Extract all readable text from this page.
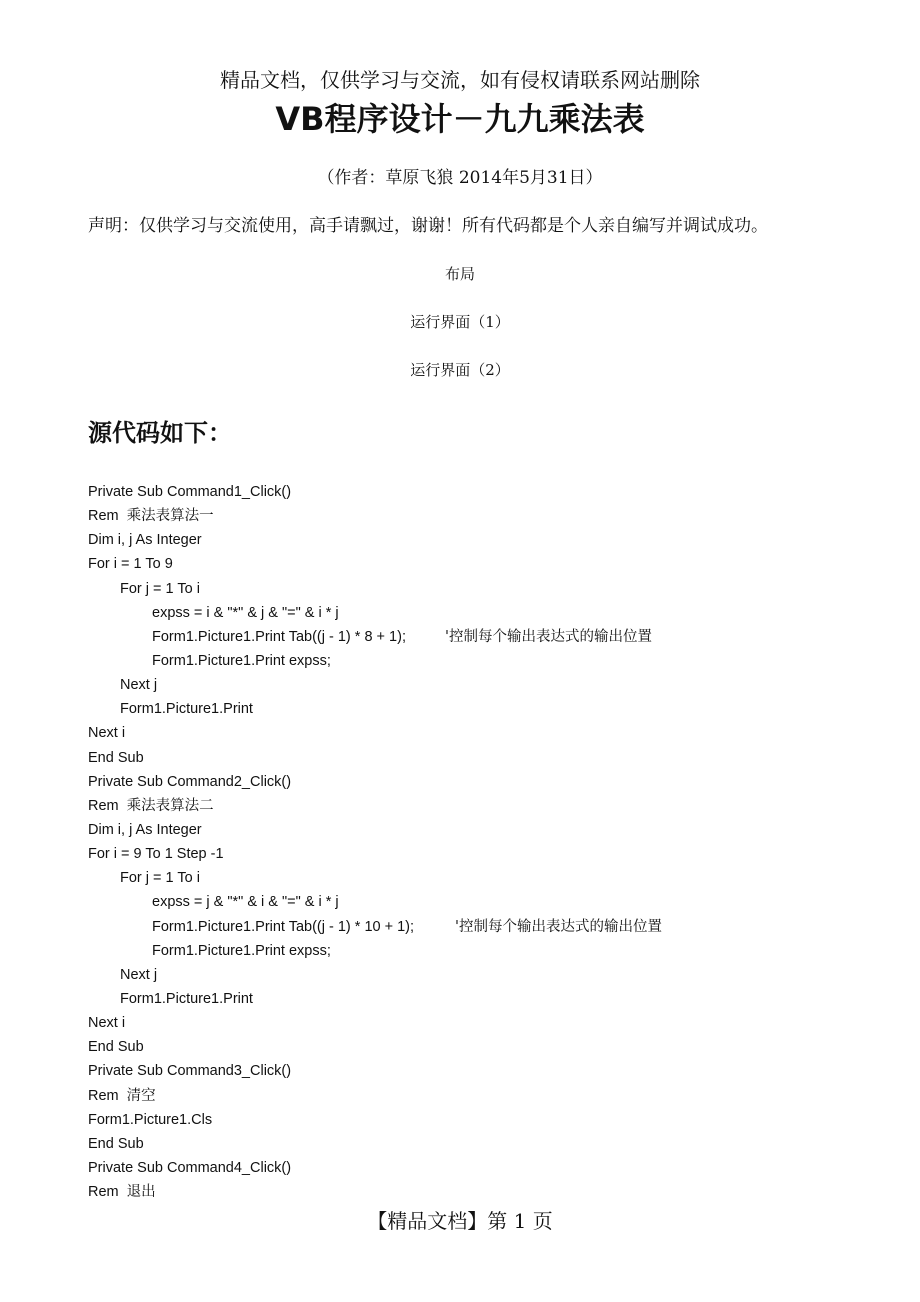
精品文档，仅供学习与交流，如有侵权请联系网站删除
VB程序设计－九九乘法表
（作者：草原飞狼 2014年5月31日）
声明：仅供学习与交流使用，高手请飘过，谢谢！所有代码都是个人亲自编写并调试成功。
布局
运行界面（1）
运行界面（2）
源代码如下：
Private Sub Command1_Click()
Rem  乘法表算法一
Dim i, j As Integer
For i = 1 To 9
For j = 1 To i
expss = i & "*" & j & "=" & i * j
Form1.Picture1.Print Tab((j - 1) * 8 + 1);	'控制每个输出表达式的输出位置
Form1.Picture1.Print expss;
Next j
Form1.Picture1.Print
Next i
End Sub
Private Sub Command2_Click()
Rem  乘法表算法二
Dim i, j As Integer
For i = 9 To 1 Step -1
For j = 1 To i
expss = j & "*" & i & "=" & i * j
Form1.Picture1.Print Tab((j - 1) * 10 + 1);	'控制每个输出表达式的输出位置
Form1.Picture1.Print expss;
Next j
Form1.Picture1.Print
Next i
End Sub
Private Sub Command3_Click()
Rem  清空
Form1.Picture1.Cls
End Sub
Private Sub Command4_Click()
Rem  退出
【精品文档】第 1 页
